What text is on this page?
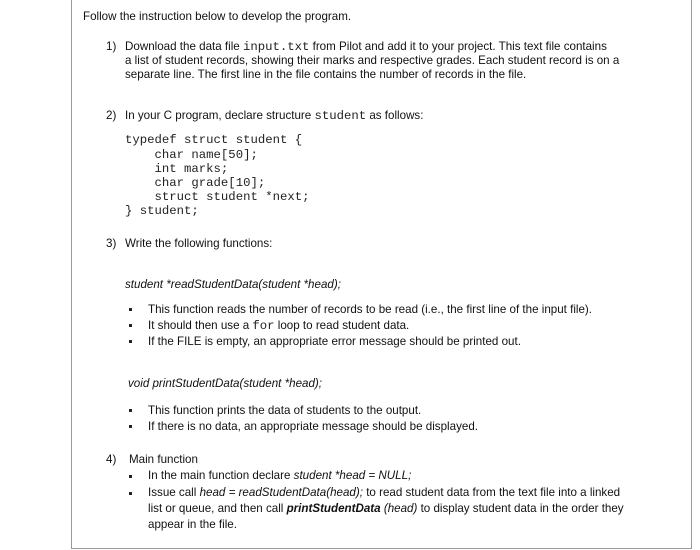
Follow the instruction below to develop the program.
1) Download the data file input.txt from Pilot and add it to your project. This text file contains
a list of student records, showing their marks and respective grades. Each student record is on a
separate line. The first line in the file contains the number of records in the file.
2) In your C program, declare structure student as follows:
typedef struct student {
char name[50];
int marks;
char grade[10];
struct student *next;
} student;
3) Write the following functions:
student *readStudentData(student *head);
This function reads the number of records to be read (i.e., the first line of the input file).
It should then use a for loop to read student data.
If the FILE is empty, an appropriate error message should be printed out.
void printStudentData(student *head);
This function prints the data of students to the output.
If there is no data, an appropriate message should be displayed.
4) Main function
In the main function declare student *head = NULL;
Issue call head = readStudentData(head); to read student data from the text file into a linked
list or queue, and then call printStudentData (head) to display student data in the order they
appear in the file.
